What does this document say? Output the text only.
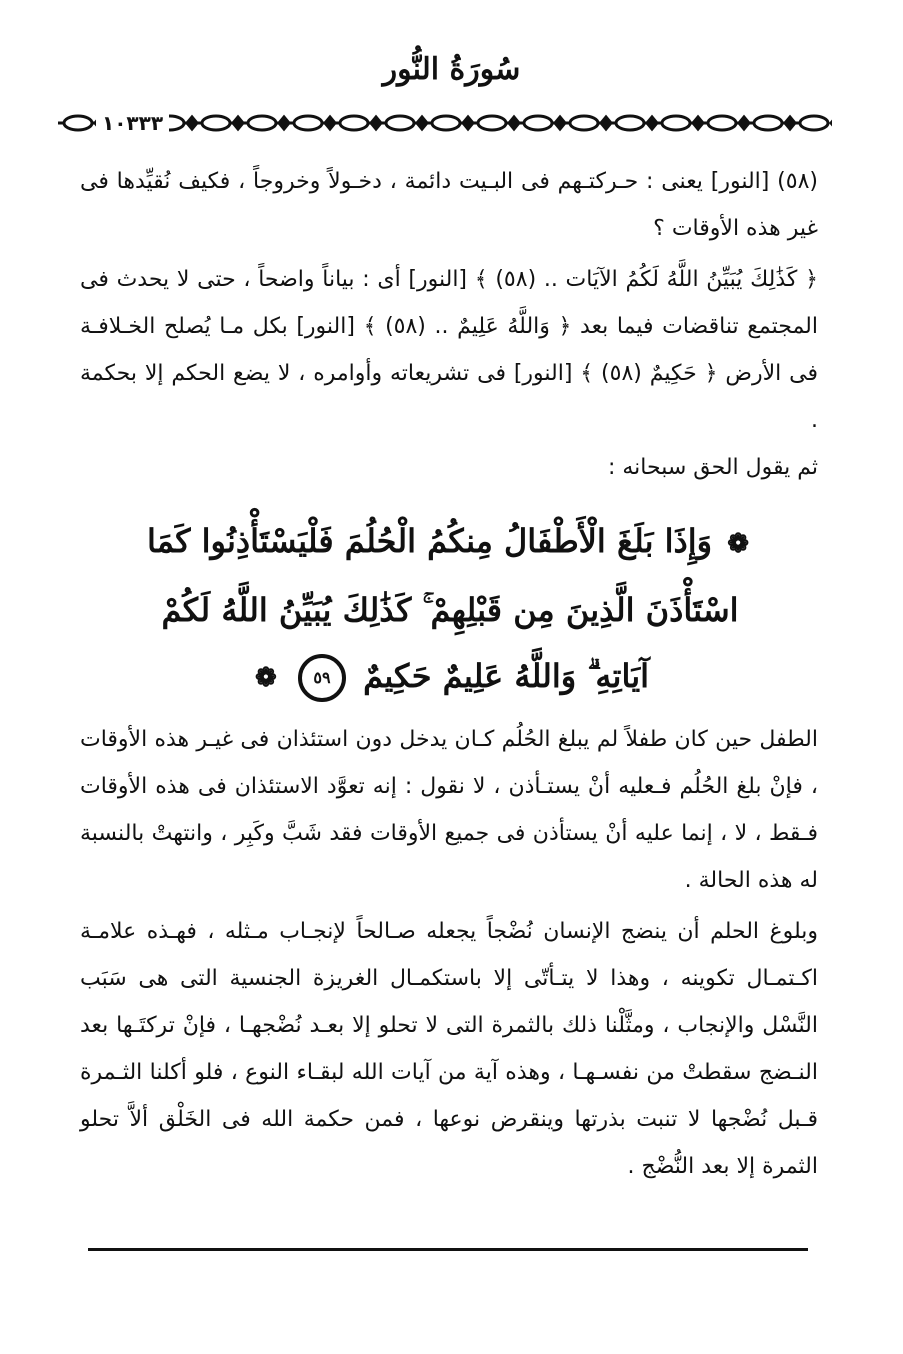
سُورَةُ النُّور
١٠٣٣٣
(٥٨) [النور] يعنى : حـركتـهم فى البـيت دائمة ، دخـولاً وخروجاً ، فكيف نُقيِّدها فى غير هذه الأوقات ؟
﴿ كَذَٰلِكَ يُبَيِّنُ اللَّهُ لَكُمُ الآيَات .. (٥٨) ﴾ [النور] أى : بياناً واضحاً ، حتى لا يحدث فى المجتمع تناقضات فيما بعد ﴿ وَاللَّهُ عَلِيمٌ .. (٥٨) ﴾ [النور] بكل مـا يُصلح الخـلافـة فى الأرض ﴿ حَكِيمٌ (٥٨) ﴾ [النور] فى تشريعاته وأوامره ، لا يضع الحكم إلا بحكمة .
ثم يقول الحق سبحانه :
❁ وَإِذَا بَلَغَ الْأَطْفَالُ مِنكُمُ الْحُلُمَ فَلْيَسْتَأْذِنُوا كَمَا اسْتَأْذَنَ الَّذِينَ مِن قَبْلِهِمْ ۚ كَذَٰلِكَ يُبَيِّنُ اللَّهُ لَكُمْ آيَاتِهِ ۗ وَاللَّهُ عَلِيمٌ حَكِيمٌ ٥٩ ❁
الطفل حين كان طفلاً لم يبلغ الحُلُم كـان يدخل دون استئذان فى غيـر هذه الأوقات ، فإنْ بلغ الحُلُم فـعليه أنْ يستـأذن ، لا نقول : إنه تعوَّد الاستئذان فى هذه الأوقات فـقط ، لا ، إنما عليه أنْ يستأذن فى جميع الأوقات فقد شَبَّ وكَبِر ، وانتهتْ بالنسبة له هذه الحالة .
وبلوغ الحلم أن ينضج الإنسان نُضْجاً يجعله صـالحاً لإنجـاب مـثله ، فهـذه علامـة اكـتمـال تكوينه ، وهذا لا يتـأتّى إلا باستكمـال الغريزة الجنسية التى هى سَبَب النَّسْل والإنجاب ، ومثَّلْنا ذلك بالثمرة التى لا تحلو إلا بعـد نُضْجهـا ، فإنْ تركتَـها بعد النـضج سقطتْ من نفسـهـا ، وهذه آية من آيات الله لبقـاء النوع ، فلو أكلنا الثـمرة قـبل نُضْجها لا تنبت بذرتها وينقرض نوعها ، فمن حكمة الله فى الخَلْق ألاَّ تحلو الثمرة إلا بعد النُّضْج .
